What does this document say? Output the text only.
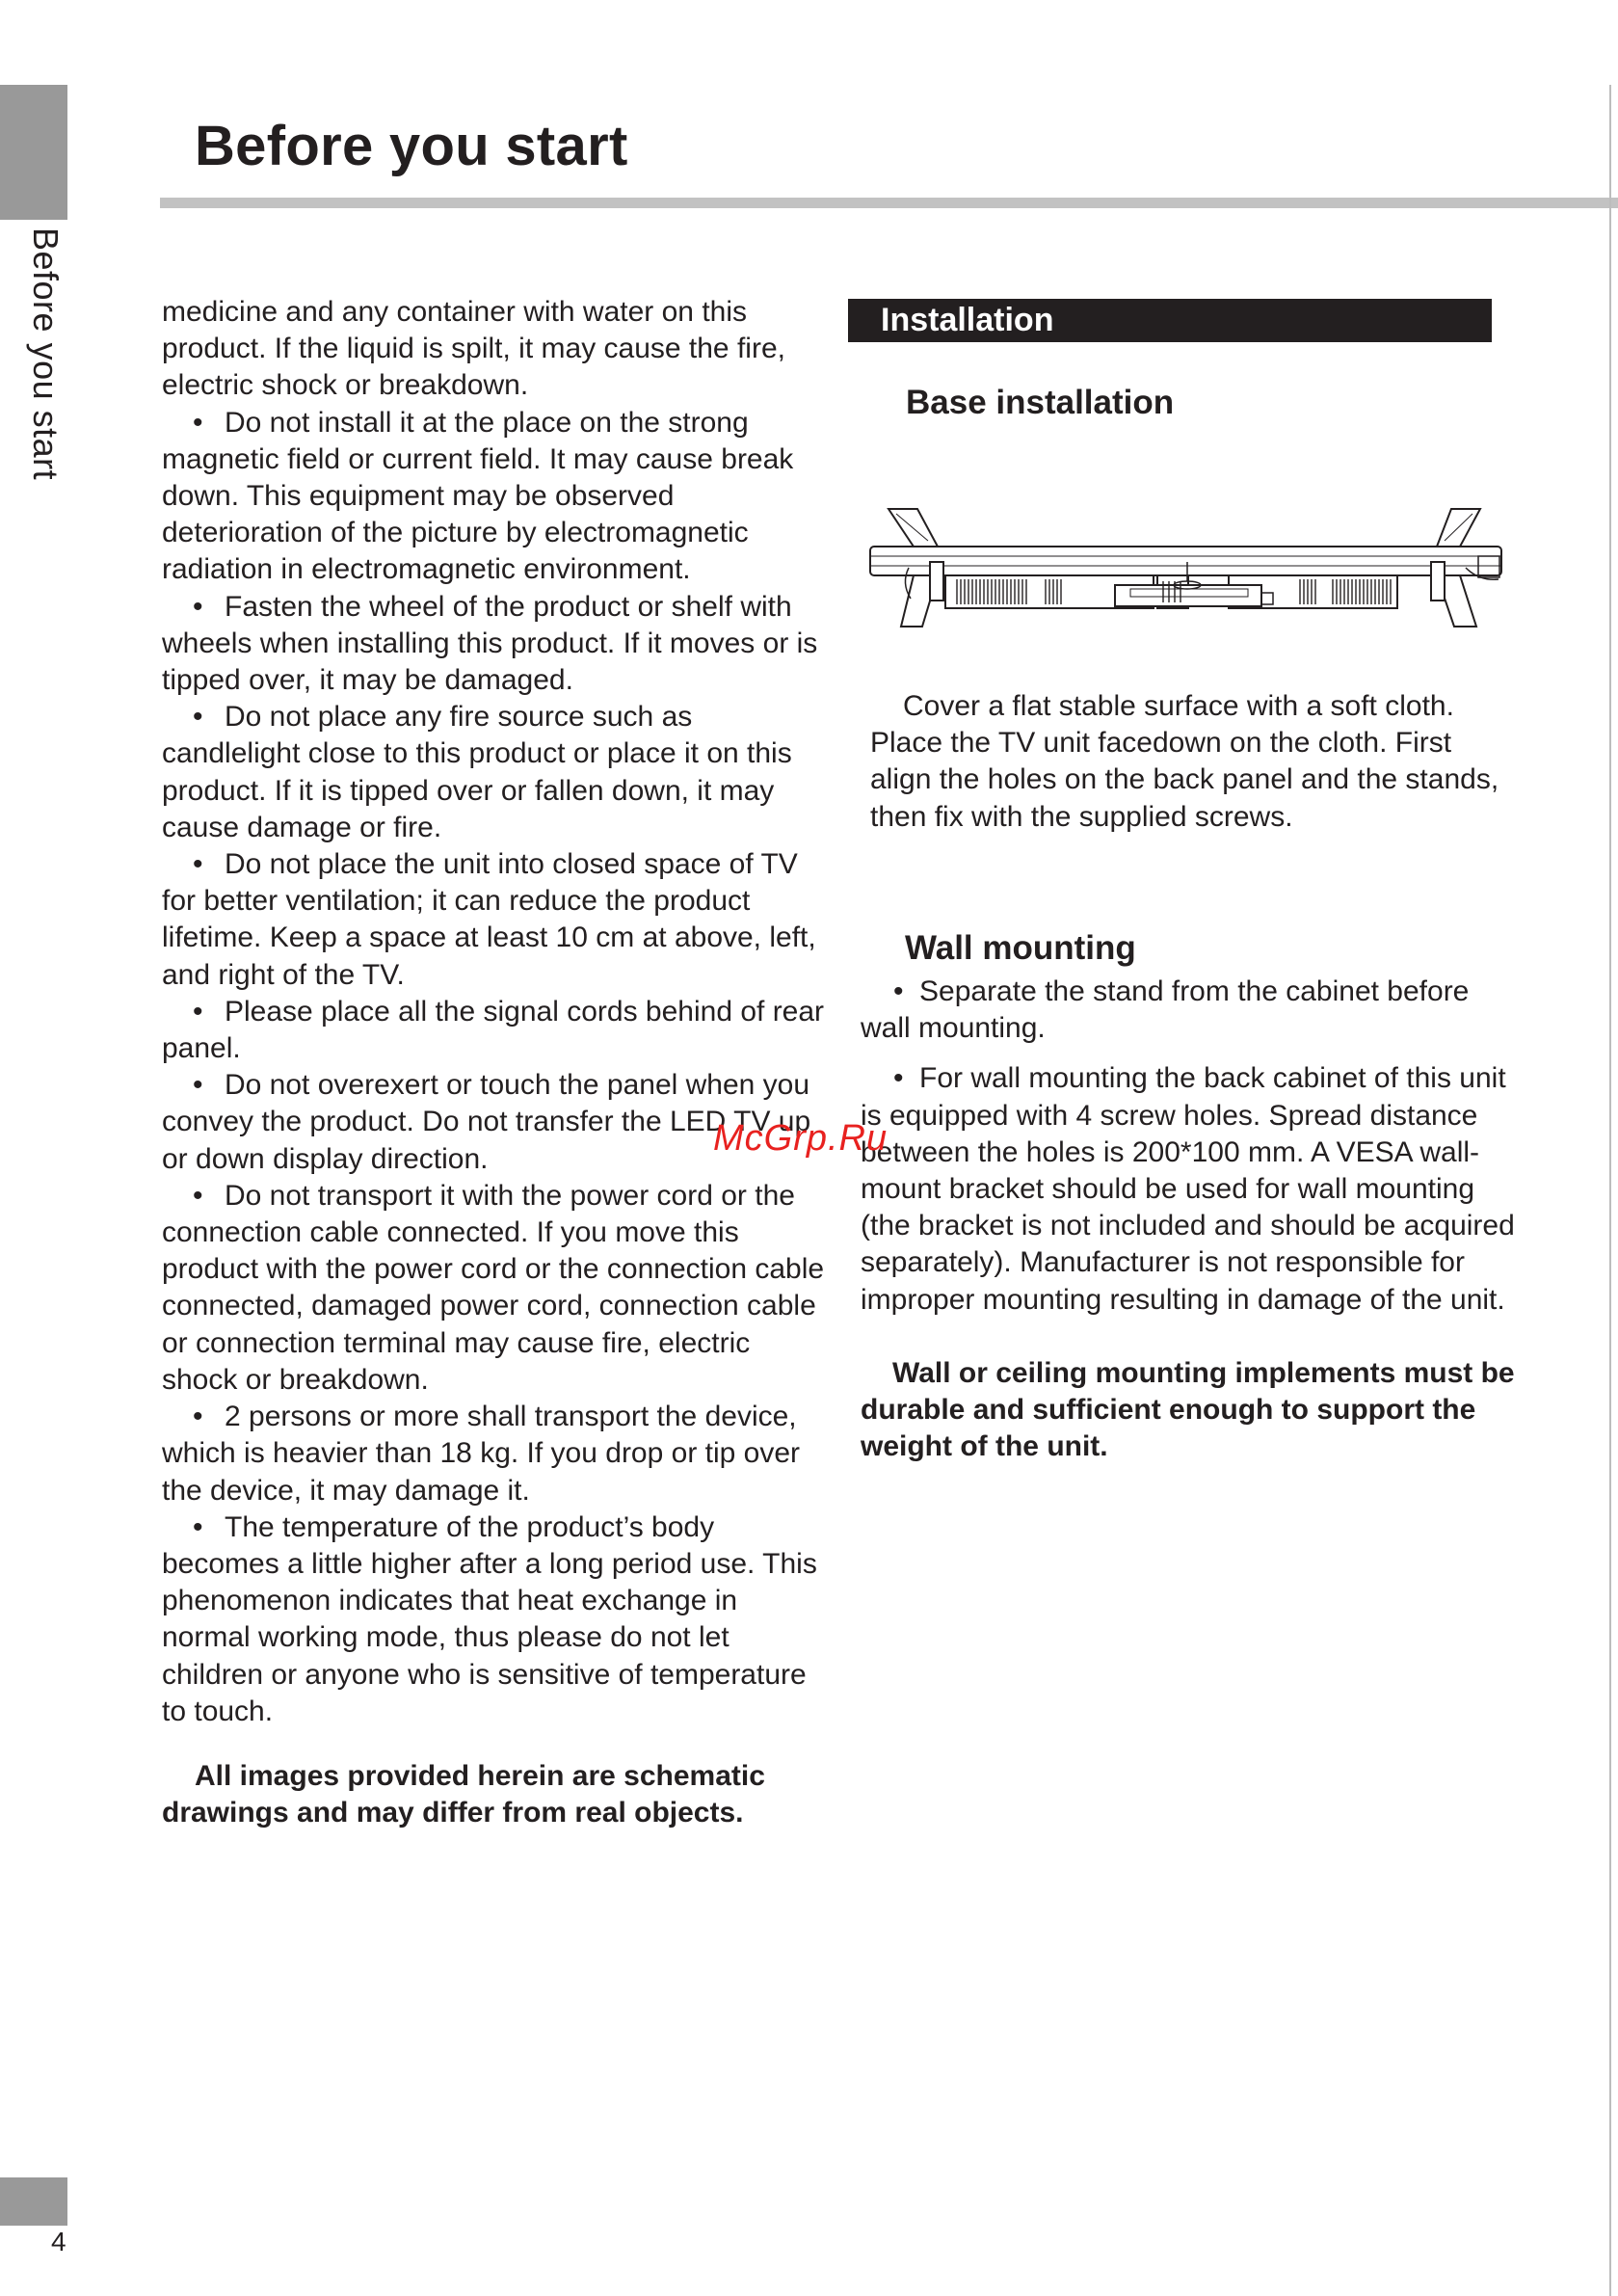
Before you start
Before you start

medicine and any container with water on this product. If the liquid is spilt, it may cause the fire, electric shock or breakdown.

• Do not install it at the place on the strong magnetic field or current field. It may cause break down. This equipment may be observed deterioration of the picture by electromagnetic radiation in electromagnetic environment.

• Fasten the wheel of the product or shelf with wheels when installing this product. If it moves or is tipped over, it may be damaged.

• Do not place any fire source such as candlelight close to this product or place it on this product. If it is tipped over or fallen down, it may cause damage or fire.

• Do not place the unit into closed space of TV for better ventilation; it can reduce the product lifetime. Keep a space at least 10 cm at above, left, and right of the TV.

• Please place all the signal cords behind of rear panel.

• Do not overexert or touch the panel when you convey the product. Do not transfer the LED TV up or down display direction.

• Do not transport it with the power cord or the connection cable connected. If you move this product with the power cord or the connection cable connected, damaged power cord, connection cable or connection terminal may cause fire, electric shock or breakdown.

• 2 persons or more shall transport the device, which is heavier than 18 kg. If you drop or tip over the device, it may damage it.

• The temperature of the product’s body becomes a little higher after a long period use. This phenomenon indicates that heat exchange in normal working mode, thus please do not let children or anyone who is sensitive of temperature to touch.

All images provided herein are schematic drawings and may differ from real objects.

Installation
Base installation

Cover a flat stable surface with a soft cloth. Place the TV unit facedown on the cloth. First align the holes on the back panel and the stands, then fix with the supplied screws.

Wall mounting

• Separate the stand from the cabinet before wall mounting.

• For wall mounting the back cabinet of this unit is equipped with 4 screw holes. Spread distance between the holes is 200*100 mm. A VESA wall-mount bracket should be used for wall mounting (the bracket is not included and should be acquired separately). Manufacturer is not responsible for improper mounting resulting in damage of the unit.

Wall or ceiling mounting implements must be durable and sufficient enough to support the weight of the unit.

McGrp.Ru

4
